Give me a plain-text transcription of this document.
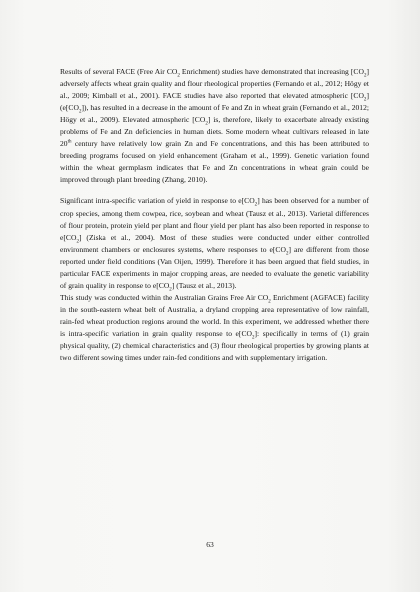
Results of several FACE (Free Air $CO_2$ Enrichment) studies have demonstrated that increasing $[CO_2]$ adversely affects wheat grain quality and flour rheological properties (Fernando et al., 2012; Högy et al., 2009; Kimball et al., 2001). FACE studies have also reported that elevated atmospheric $[CO_2]$ $(e[CO_2])$, has resulted in a decrease in the amount of Fe and Zn in wheat grain (Fernando et al., 2012; Högy et al., 2009). Elevated atmospheric $[CO_2]$ is, therefore, likely to exacerbate already existing problems of Fe and Zn deficiencies in human diets. Some modern wheat cultivars released in late 20th century have relatively low grain Zn and Fe concentrations, and this has been attributed to breeding programs focused on yield enhancement (Graham et al., 1999). Genetic variation found within the wheat germplasm indicates that Fe and Zn concentrations in wheat grain could be improved through plant breeding (Zhang, 2010).

Significant intra-specific variation of yield in response to $e[CO_2]$ has been observed for a number of crop species, among them cowpea, rice, soybean and wheat (Tausz et al., 2013). Varietal differences of flour protein, protein yield per plant and flour yield per plant has also been reported in response to $e[CO_2]$ (Ziska et al., 2004). Most of these studies were conducted under either controlled environment chambers or enclosures systems, where responses to $e[CO_2]$ are different from those reported under field conditions (Van Oijen, 1999). Therefore it has been argued that field studies, in particular FACE experiments in major cropping areas, are needed to evaluate the genetic variability of grain quality in response to $e[CO_2]$ (Tausz et al., 2013).

This study was conducted within the Australian Grains Free Air $CO_2$ Enrichment (AGFACE) facility in the south-eastern wheat belt of Australia, a dryland cropping area representative of low rainfall, rain-fed wheat production regions around the world. In this experiment, we addressed whether there is intra-specific variation in grain quality response to $e[CO_2]$: specifically in terms of (1) grain physical quality, (2) chemical characteristics and (3) flour rheological properties by growing plants at two different sowing times under rain-fed conditions and with supplementary irrigation.

63
